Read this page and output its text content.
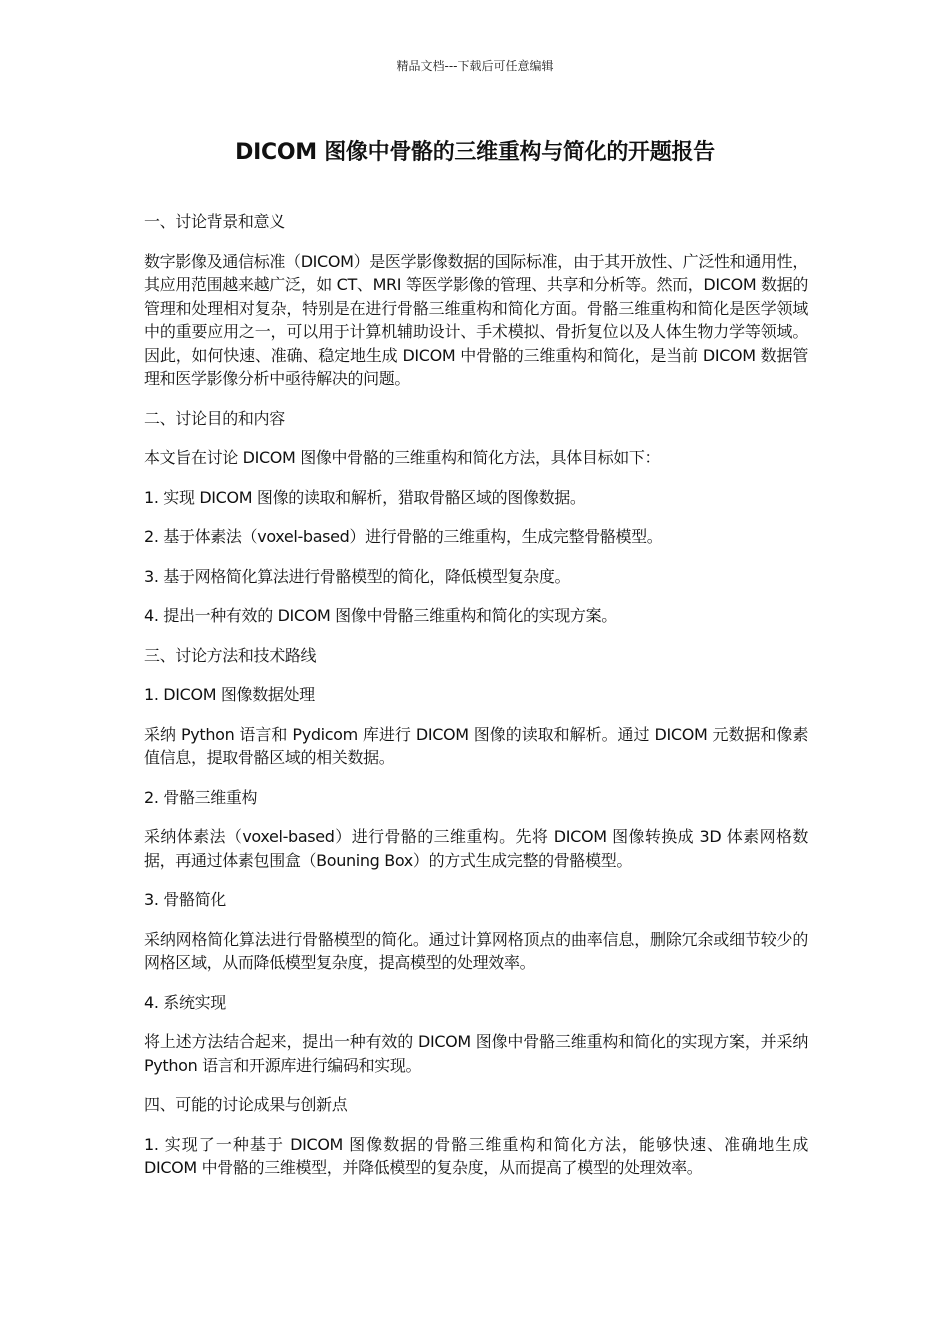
精品文档---下载后可任意编辑
DICOM 图像中骨骼的三维重构与简化的开题报告

一、讨论背景和意义

数字影像及通信标准（DICOM）是医学影像数据的国际标准，由于其开放性、广泛性和通用性，其应用范围越来越广泛，如 CT、MRI 等医学影像的管理、共享和分析等。然而，DICOM 数据的管理和处理相对复杂，特别是在进行骨骼三维重构和简化方面。骨骼三维重构和简化是医学领域中的重要应用之一，可以用于计算机辅助设计、手术模拟、骨折复位以及人体生物力学等领域。因此，如何快速、准确、稳定地生成 DICOM 中骨骼的三维重构和简化，是当前 DICOM 数据管理和医学影像分析中亟待解决的问题。

二、讨论目的和内容

本文旨在讨论 DICOM 图像中骨骼的三维重构和简化方法，具体目标如下：

1. 实现 DICOM 图像的读取和解析，猎取骨骼区域的图像数据。

2. 基于体素法（voxel-based）进行骨骼的三维重构，生成完整骨骼模型。

3. 基于网格简化算法进行骨骼模型的简化，降低模型复杂度。

4. 提出一种有效的 DICOM 图像中骨骼三维重构和简化的实现方案。

三、讨论方法和技术路线

1. DICOM 图像数据处理

采纳 Python 语言和 Pydicom 库进行 DICOM 图像的读取和解析。通过 DICOM 元数据和像素值信息，提取骨骼区域的相关数据。

2. 骨骼三维重构

采纳体素法（voxel-based）进行骨骼的三维重构。先将 DICOM 图像转换成 3D 体素网格数据，再通过体素包围盒（Bouning Box）的方式生成完整的骨骼模型。

3. 骨骼简化

采纳网格简化算法进行骨骼模型的简化。通过计算网格顶点的曲率信息，删除冗余或细节较少的网格区域，从而降低模型复杂度，提高模型的处理效率。

4. 系统实现

将上述方法结合起来，提出一种有效的 DICOM 图像中骨骼三维重构和简化的实现方案，并采纳 Python 语言和开源库进行编码和实现。

四、可能的讨论成果与创新点

1. 实现了一种基于 DICOM 图像数据的骨骼三维重构和简化方法，能够快速、准确地生成 DICOM 中骨骼的三维模型，并降低模型的复杂度，从而提高了模型的处理效率。
